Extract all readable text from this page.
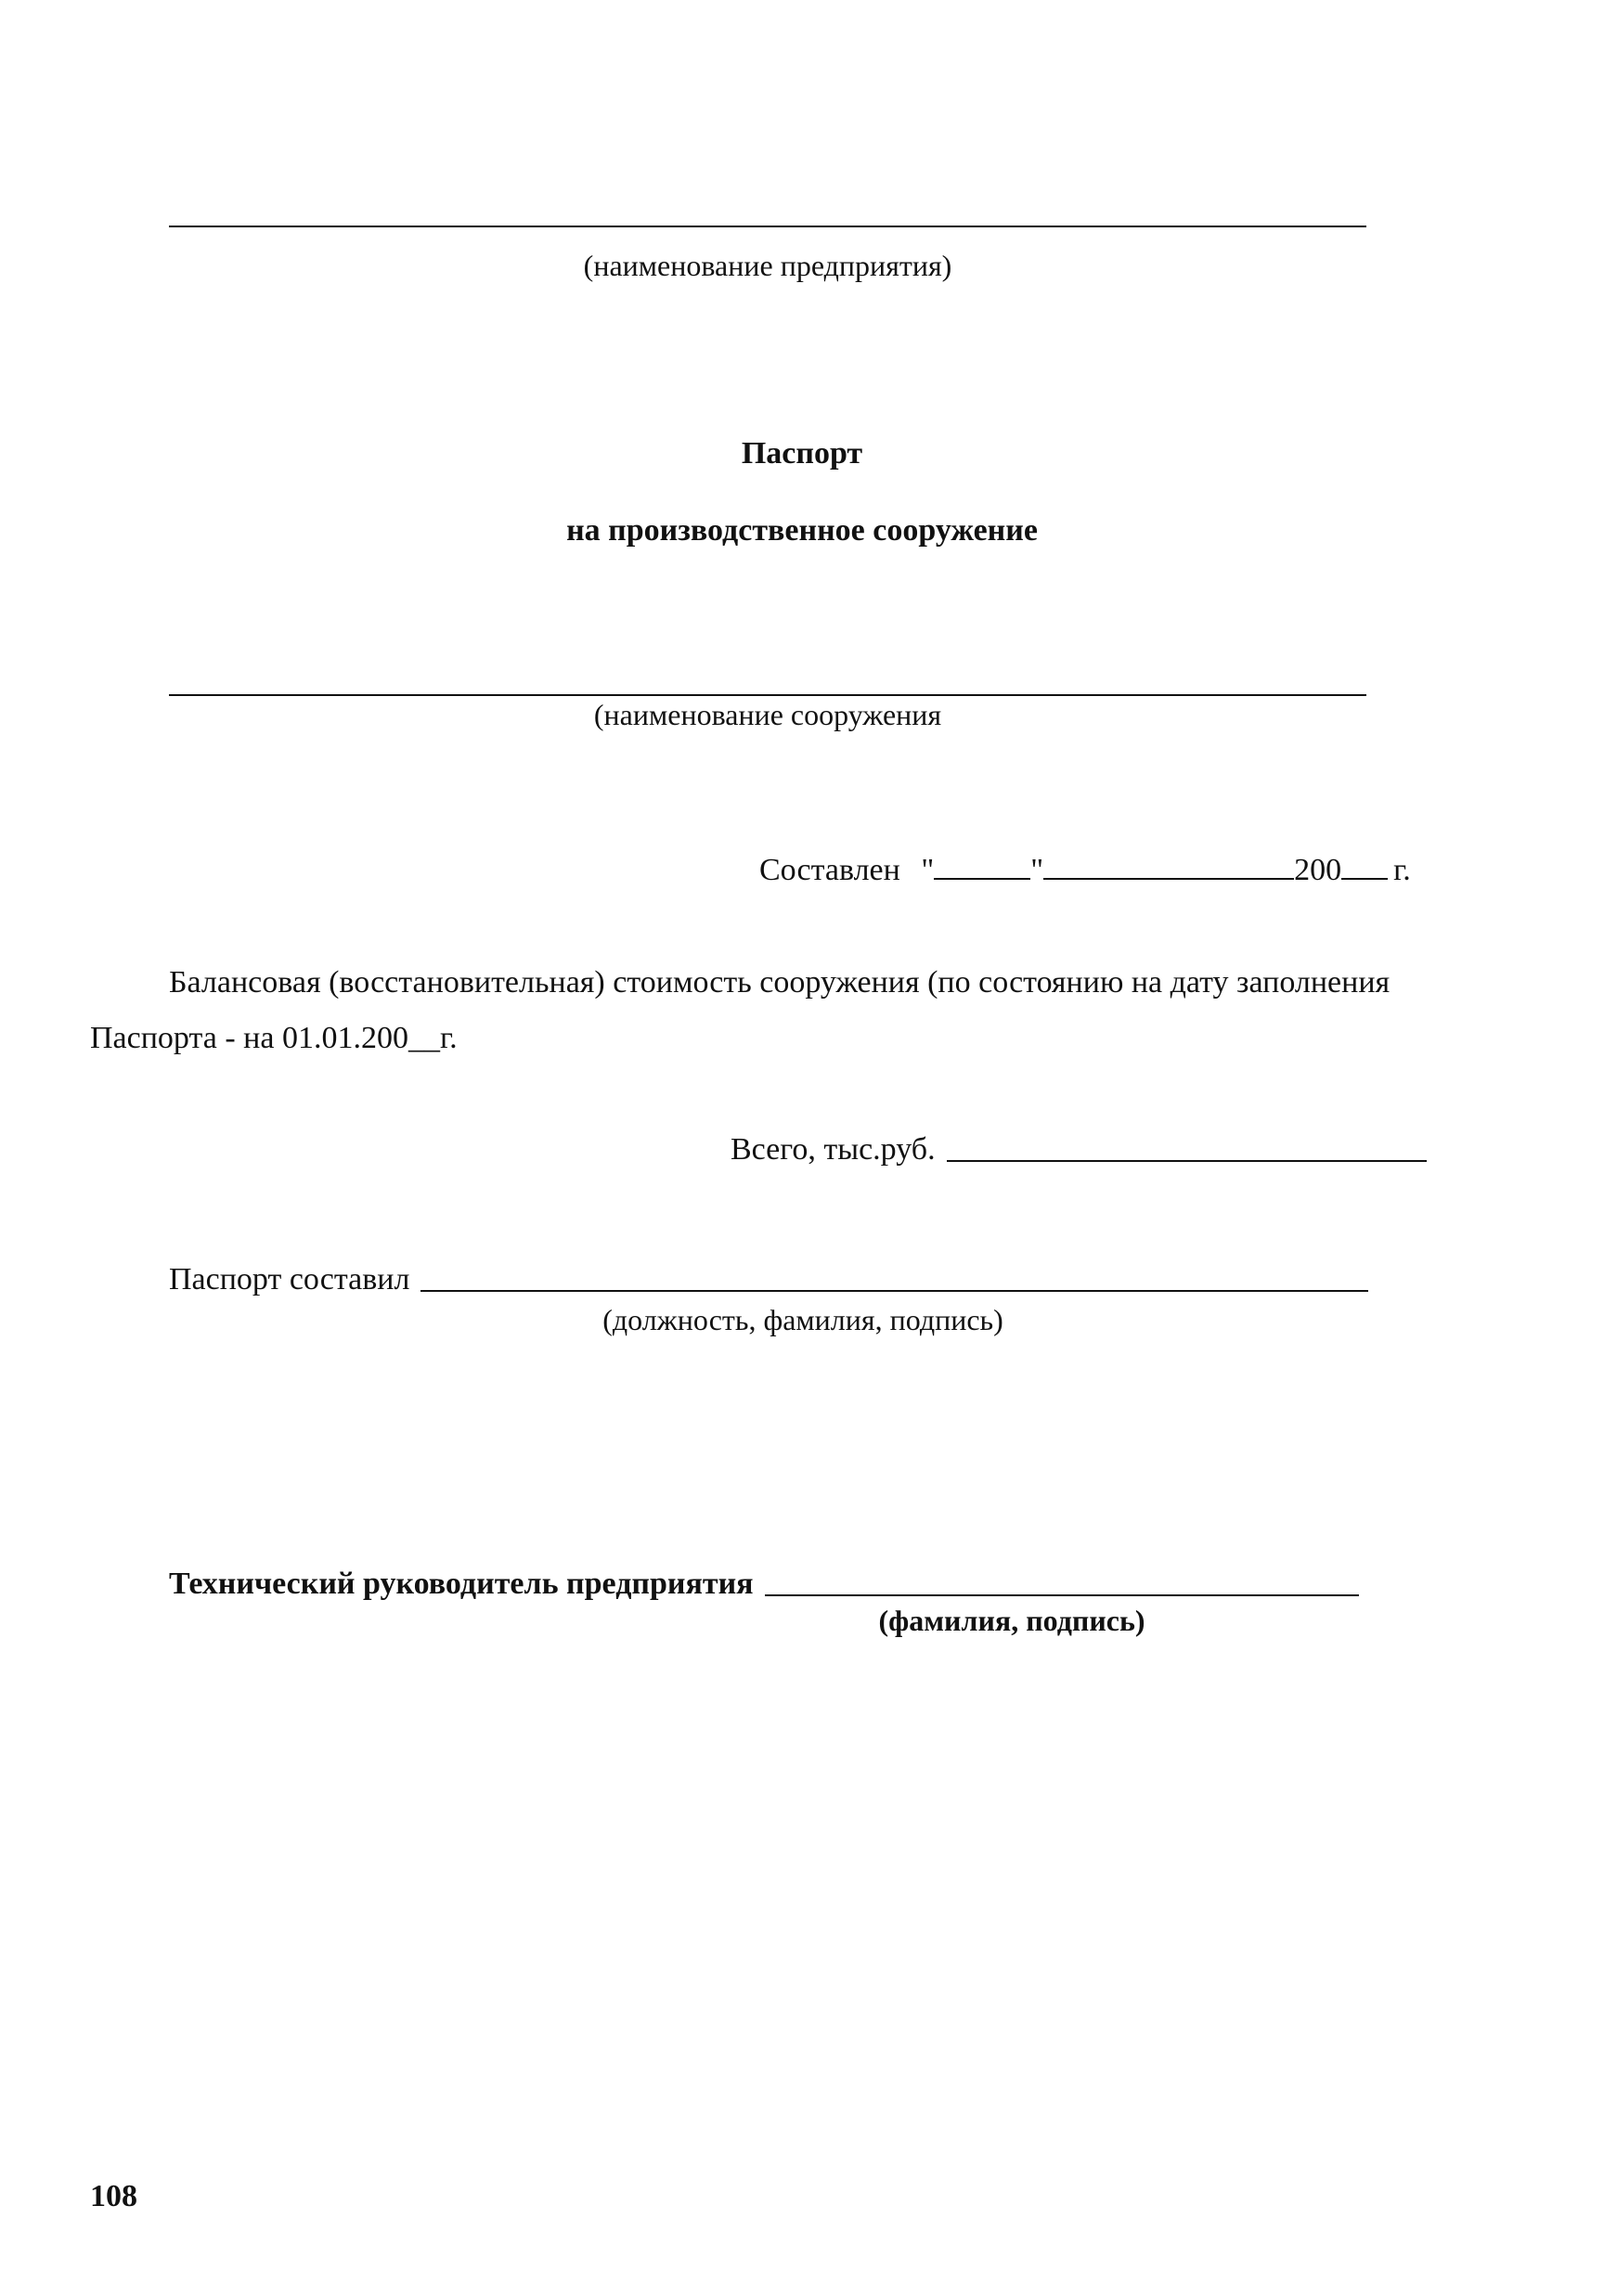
(наименование предприятия)
Паспорт
на производственное сооружение
(наименование сооружения
Составлен "	"	200 г.
Балансовая (восстановительная) стоимость сооружения (по состоянию на дату заполнения
Паспорта - на 01.01.200__г.
Всего, тыс.руб.
Паспорт составил
(должность, фамилия, подпись)
Технический руководитель предприятия
(фамилия, подпись)
108
